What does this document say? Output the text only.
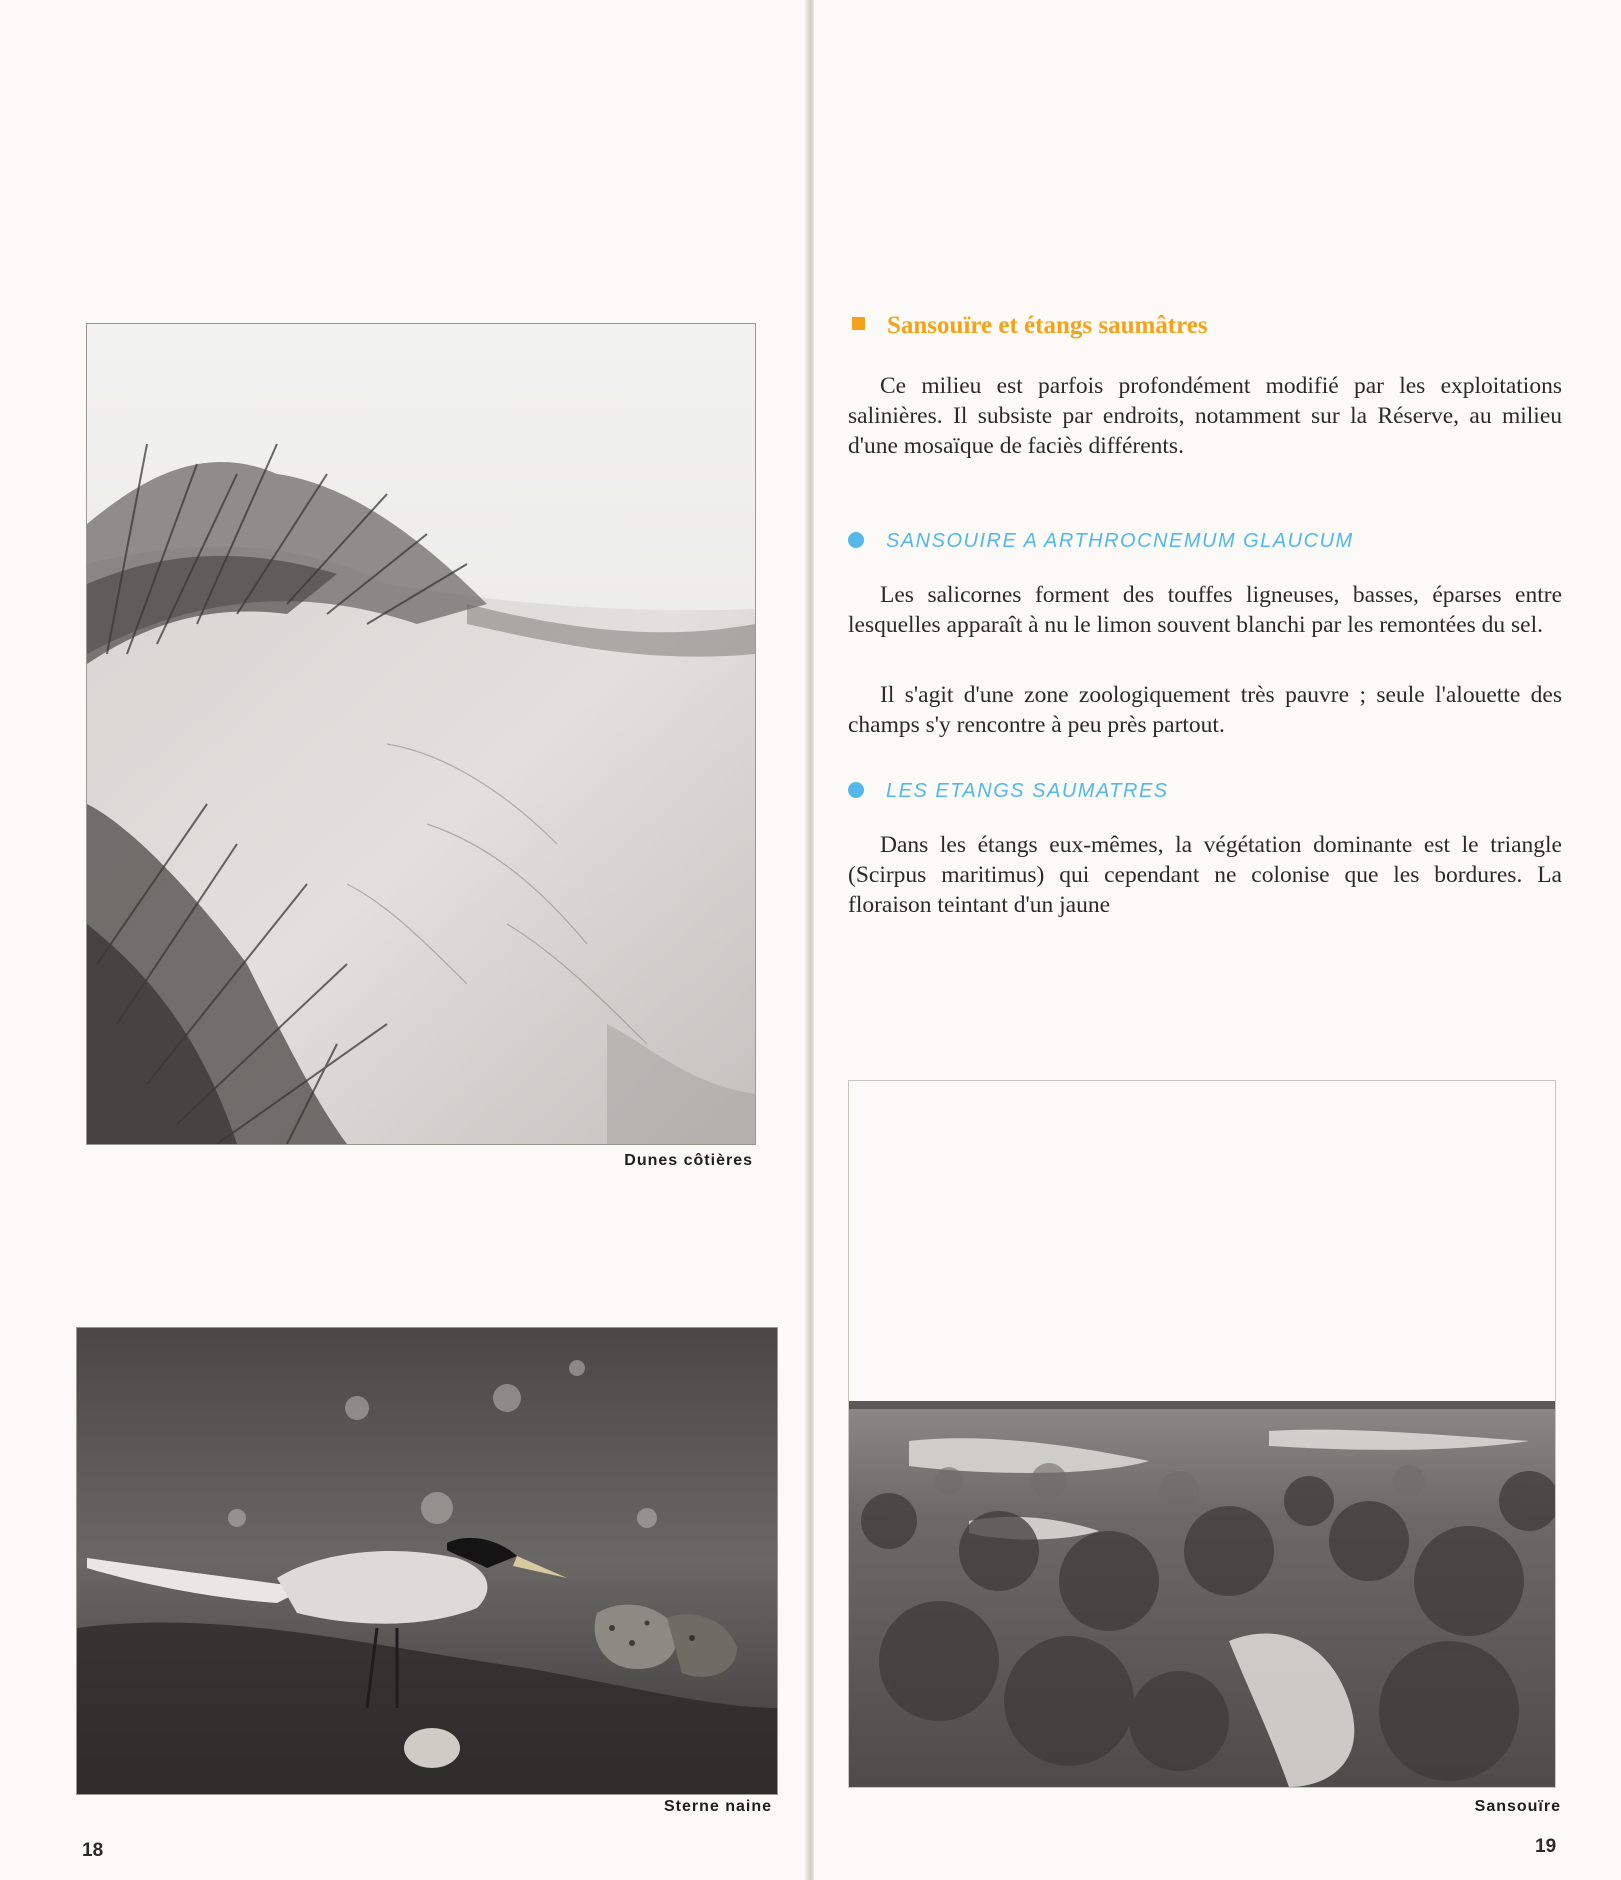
Dunes côtières
Sterne naine
18
Sansouïre et étangs saumâtres

Ce milieu est parfois profondément modifié par les exploitations salinières. Il subsiste par endroits, notamment sur la Réserve, au milieu d'une mosaïque de faciès différents.

SANSOUIRE A ARTHROCNEMUM GLAUCUM

Les salicornes forment des touffes ligneuses, basses, éparses entre lesquelles apparaît à nu le limon souvent blanchi par les remontées du sel.

Il s'agit d'une zone zoologiquement très pauvre ; seule l'alouette des champs s'y rencontre à peu près partout.

LES ETANGS SAUMATRES

Dans les étangs eux-mêmes, la végétation dominante est le triangle (Scirpus maritimus) qui cependant ne colonise que les bordures. La floraison teintant d'un jaune

Sansouïre
19
